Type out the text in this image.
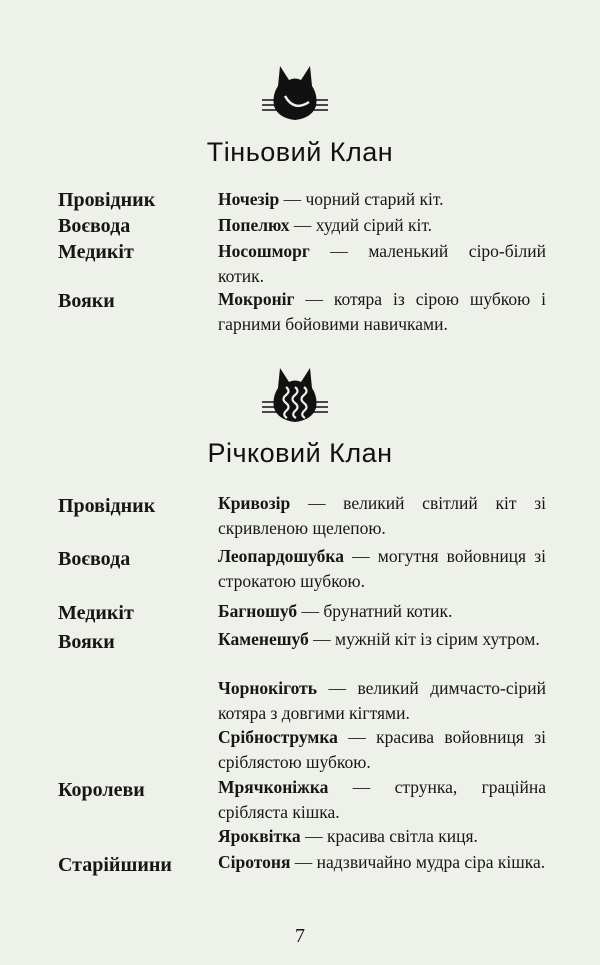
Тіньовий Клан
Провідник	Ночезір — чорний старий кіт.
Воєвода	Попелюх — худий сірий кіт.
Медикіт	Носошморг — маленький сіро-білий котик.
Вояки	Мокроніг — котяра із сірою шубкою і гарними бойовими навичками.
Річковий Клан
Провідник	Кривозір — великий світлий кіт зі скривленою щелепою.
Воєвода	Леопардошубка — могутня войовниця зі строкатою шубкою.
Медикіт	Багношуб — брунатний котик.
Вояки	Каменешуб — мужній кіт із сірим хутром.
Чорнокіготь — великий димчасто-сірий котяра з довгими кігтями.
Срібнострумка — красива войовниця зі сріблястою шубкою.
Королеви	Мрячконіжка — струнка, граційна срібляста кішка.
Яроквітка — красива світла киця.
Старійшини	Сіротоня — надзвичайно мудра сіра кішка.
7
